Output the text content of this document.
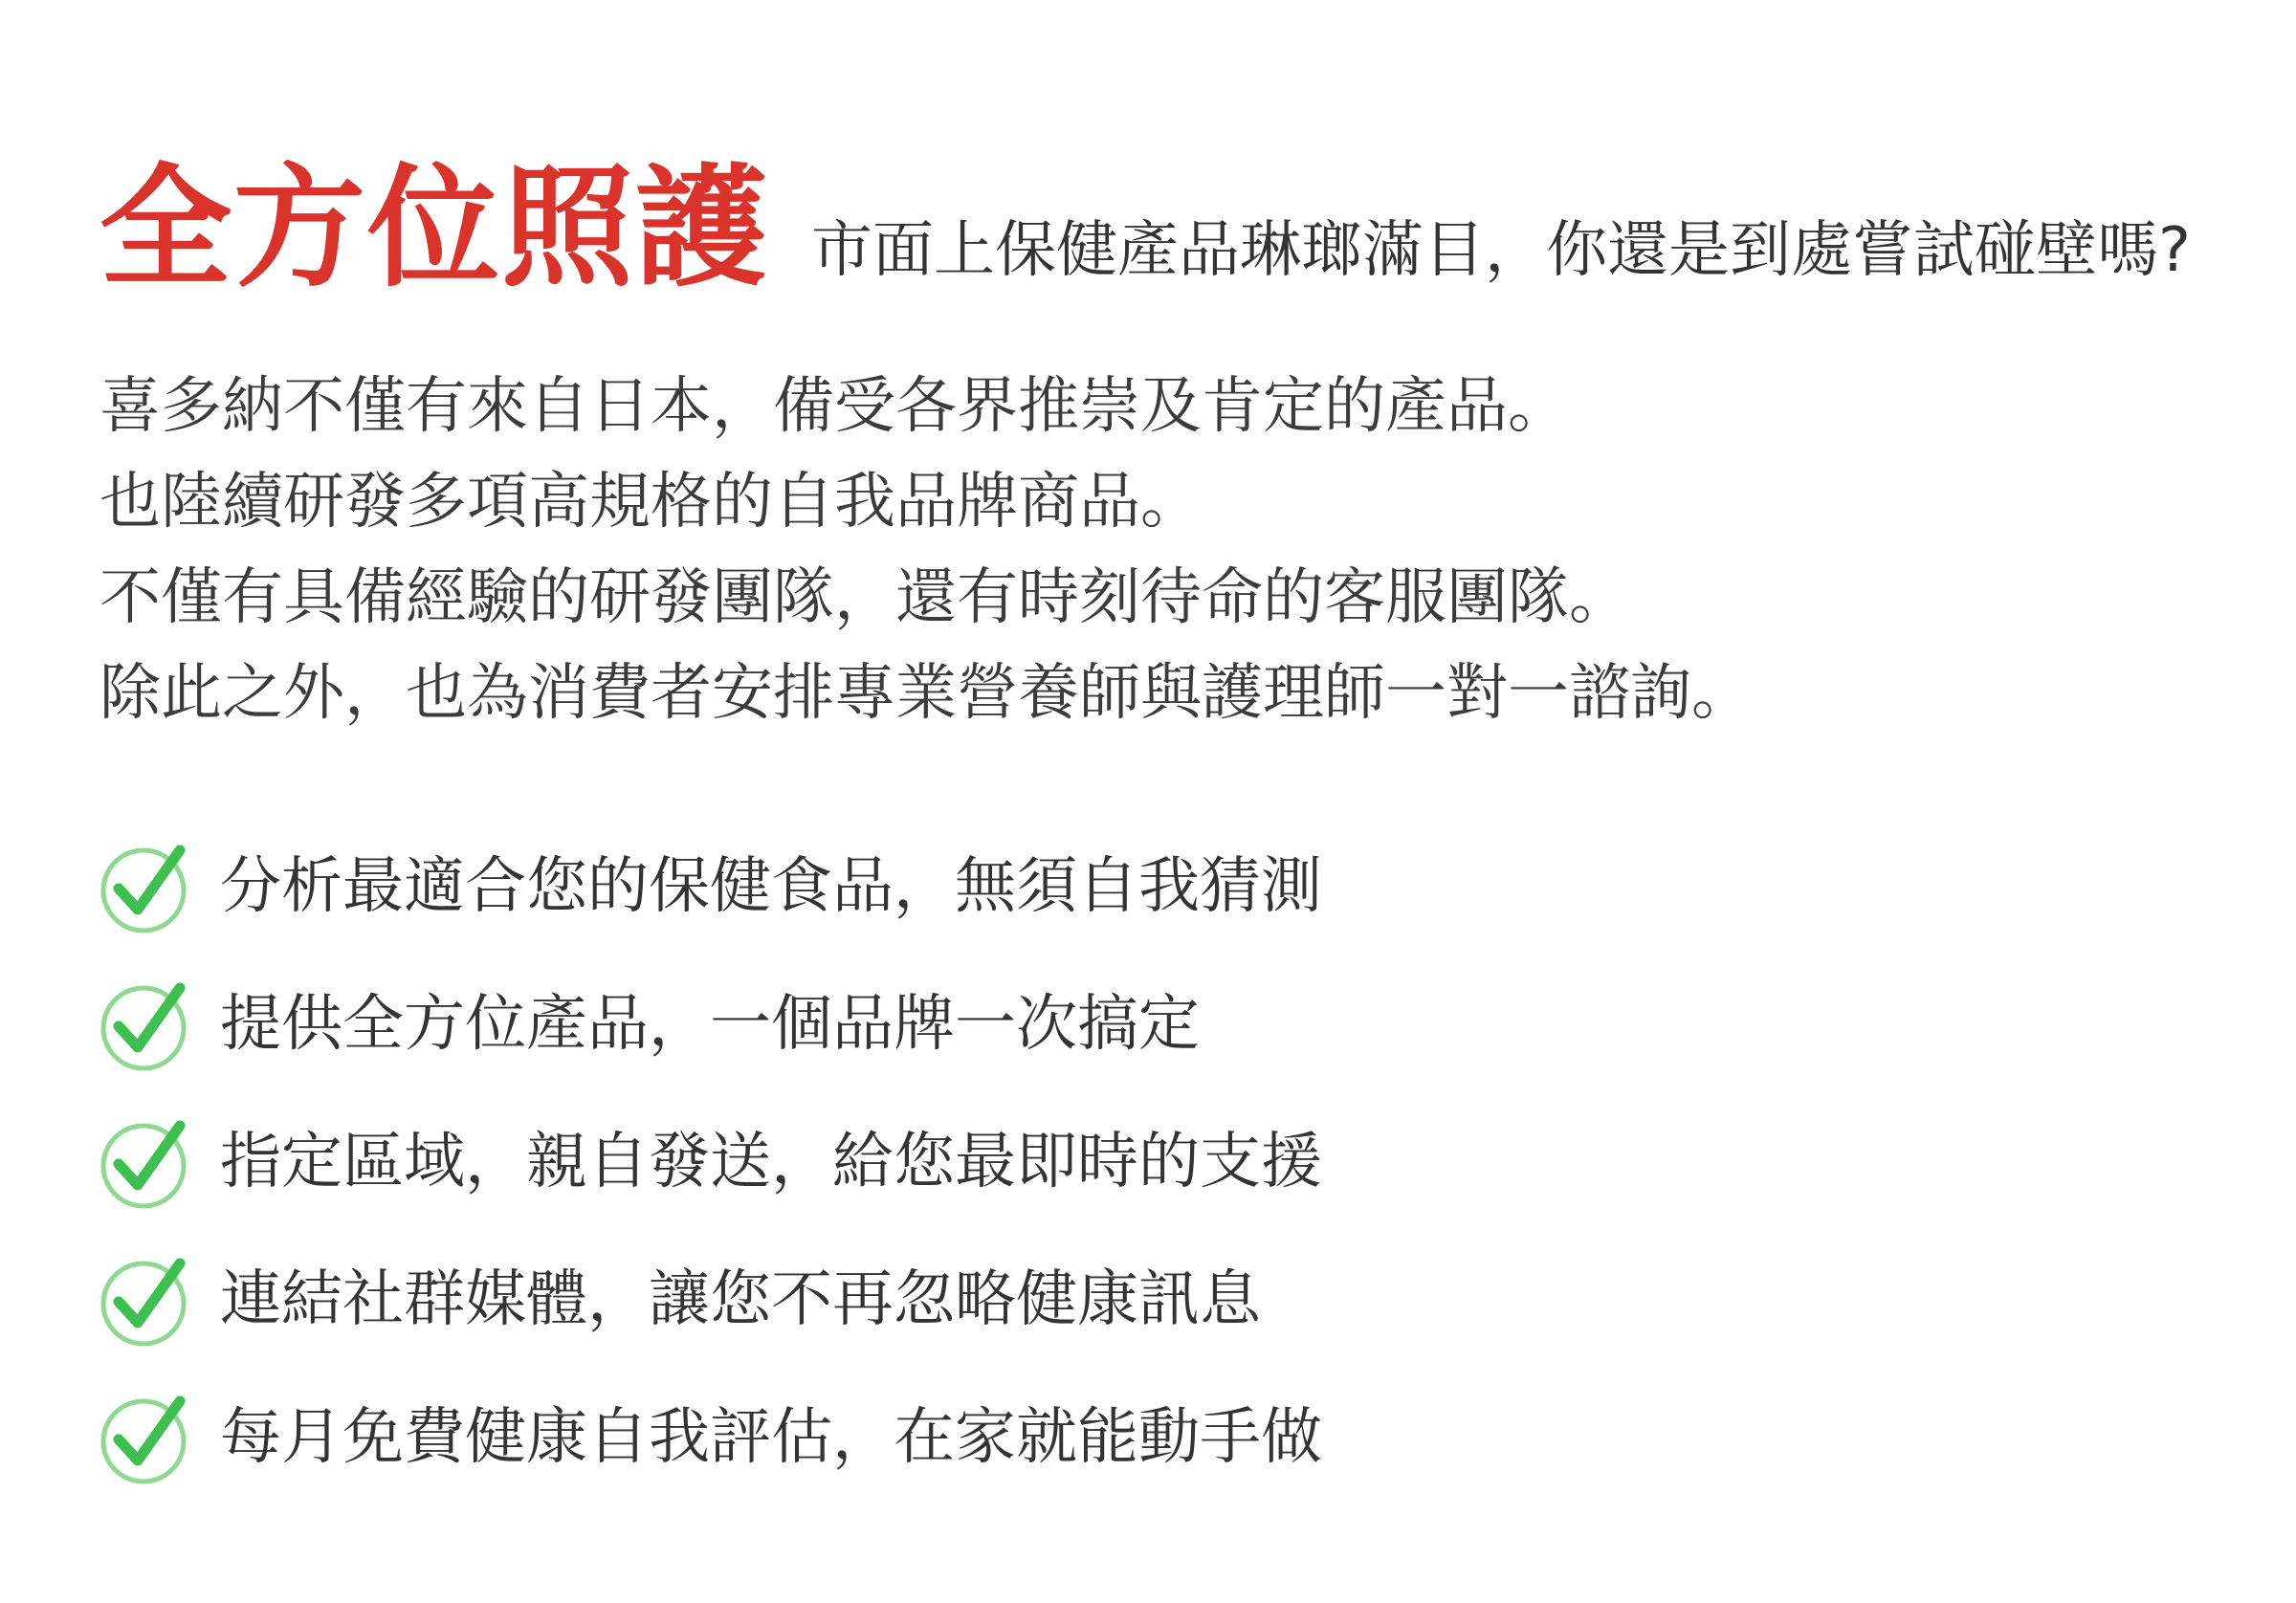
全方位照護 市面上保健產品琳瑯滿目，你還是到處嘗試碰壁嗎?
喜多納不僅有來自日本，備受各界推崇及肯定的產品。
也陸續研發多項高規格的自我品牌商品。
不僅有具備經驗的研發團隊，還有時刻待命的客服團隊。
除此之外，也為消費者安排專業營養師與護理師一對一諮詢。
分析最適合您的保健食品，無須自我猜測
提供全方位產品，一個品牌一次搞定
指定區域，親自發送，給您最即時的支援
連結社群媒體，讓您不再忽略健康訊息
每月免費健康自我評估，在家就能動手做
